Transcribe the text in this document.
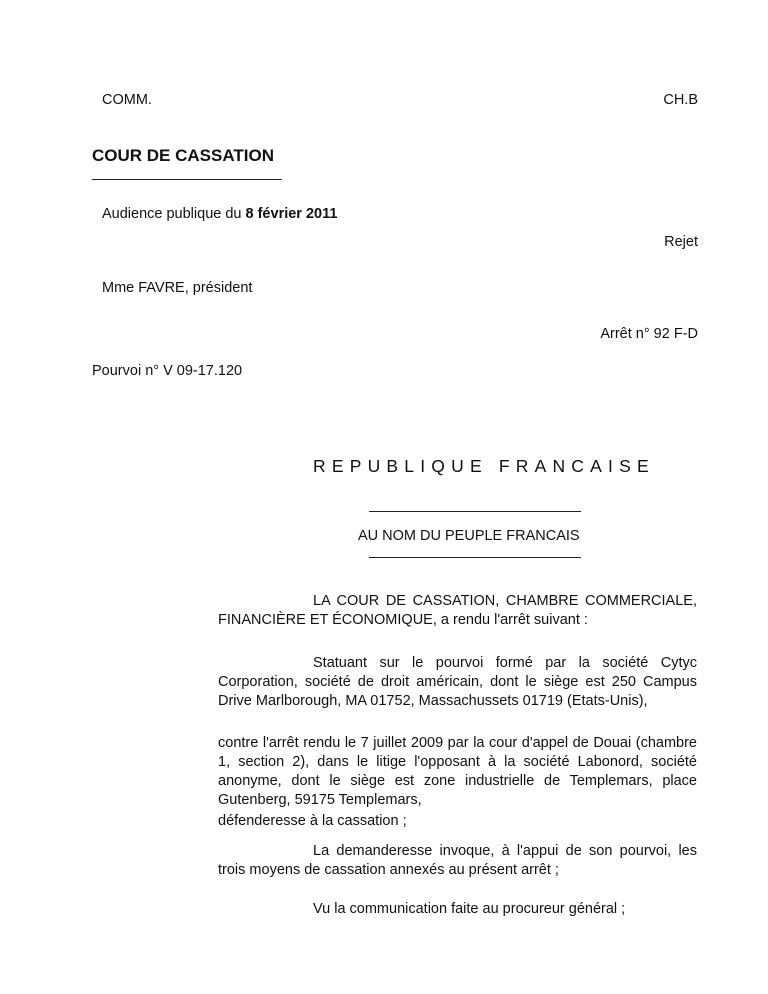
COMM.	CH.B
COUR DE CASSATION
Audience publique du 8 février 2011
Rejet
Mme FAVRE, président
Arrêt n° 92 F-D
Pourvoi n° V 09-17.120
REPUBLIQUE FRANCAISE
AU NOM DU PEUPLE FRANCAIS
LA COUR DE CASSATION, CHAMBRE COMMERCIALE, FINANCIÈRE ET ÉCONOMIQUE, a rendu l'arrêt suivant :
Statuant sur le pourvoi formé par la société Cytyc Corporation, société de droit américain, dont le siège est 250 Campus Drive Marlborough, MA 01752, Massachussets 01719 (Etats-Unis),
contre l'arrêt rendu le 7 juillet 2009 par la cour d'appel de Douai (chambre 1, section 2), dans le litige l'opposant à la société Labonord, société anonyme, dont le siège est zone industrielle de Templemars, place Gutenberg, 59175 Templemars,
défenderesse à la cassation ;
La demanderesse invoque, à l'appui de son pourvoi, les trois moyens de cassation annexés au présent arrêt ;
Vu la communication faite au procureur général ;
